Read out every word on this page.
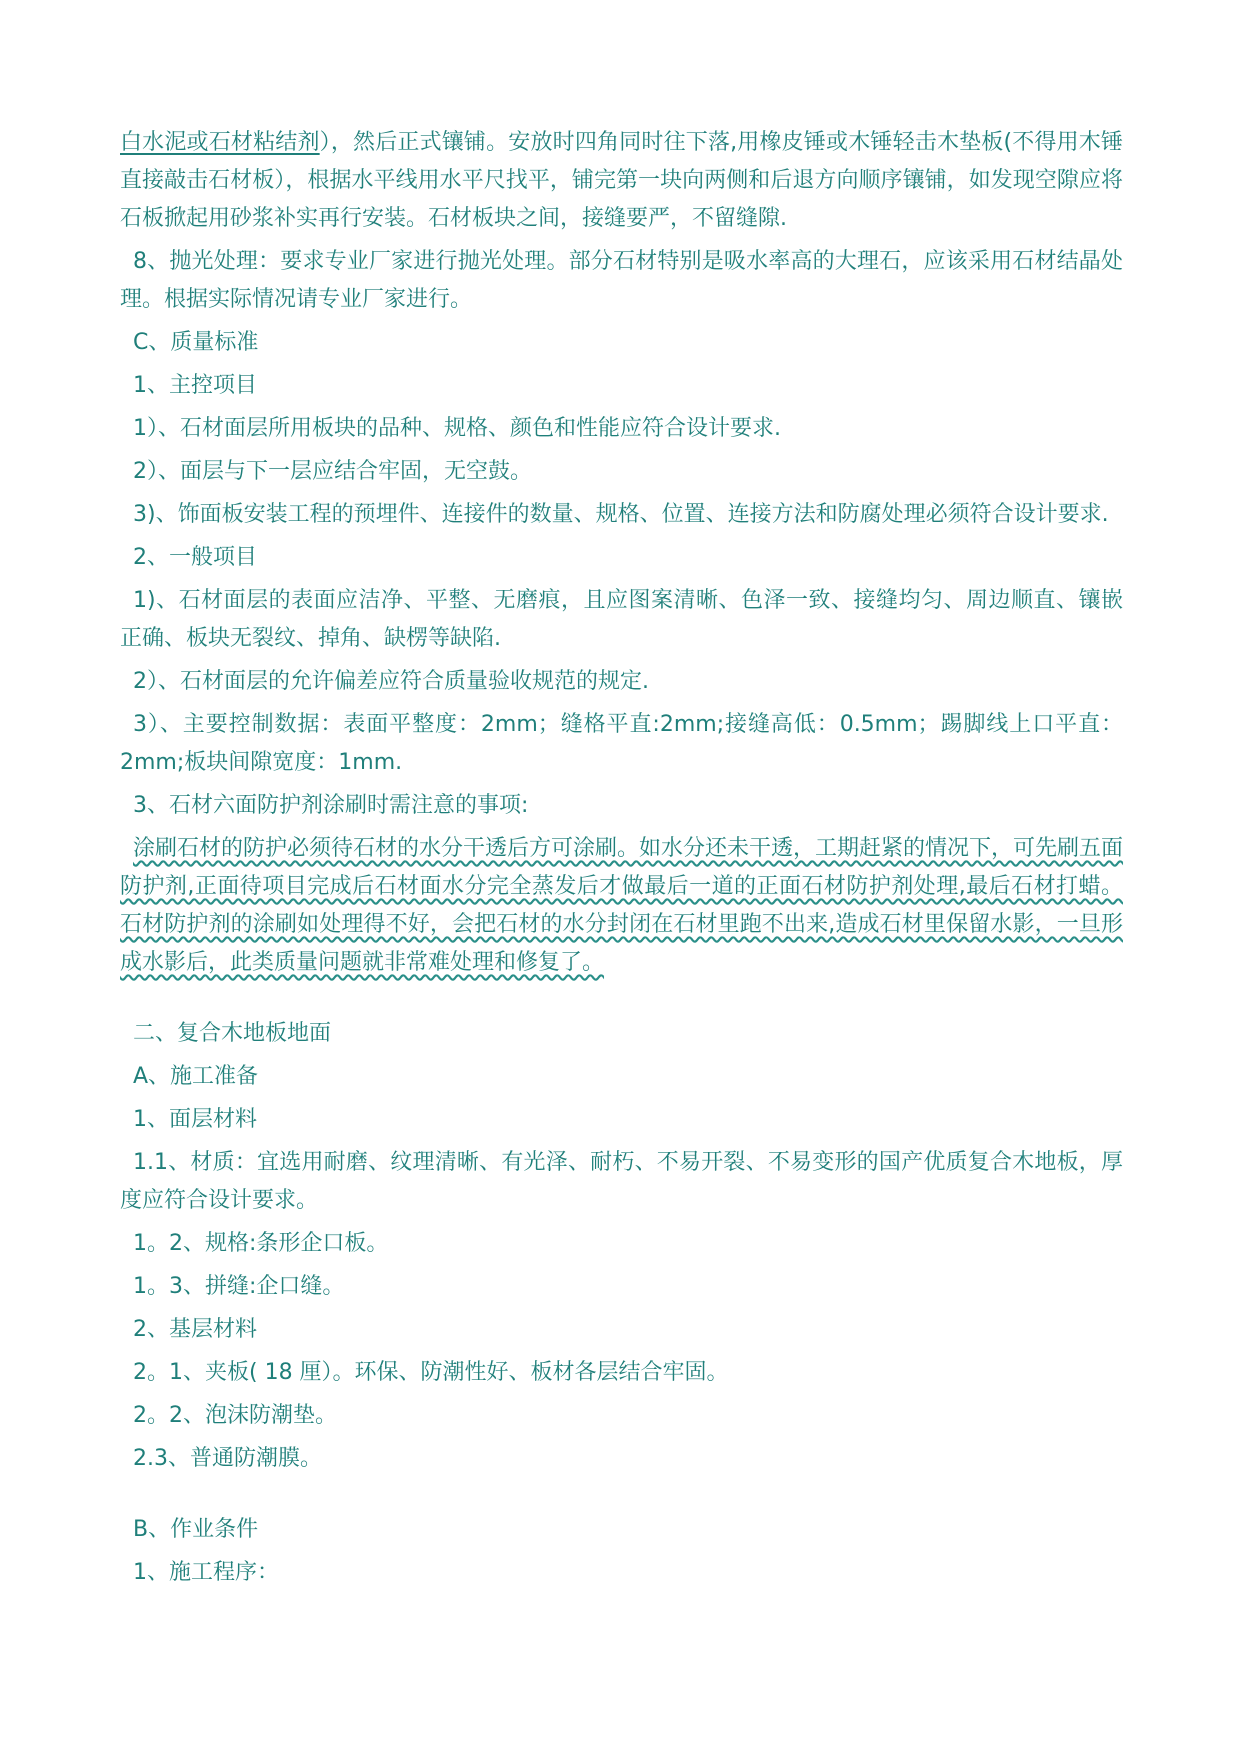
白水泥或石材粘结剂），然后正式镶铺。安放时四角同时往下落,用橡皮锤或木锤轻击木垫板(不得用木锤直接敲击石材板），根据水平线用水平尺找平，铺完第一块向两侧和后退方向顺序镶铺，如发现空隙应将石板掀起用砂浆补实再行安装。石材板块之间，接缝要严，不留缝隙.

8、抛光处理：要求专业厂家进行抛光处理。部分石材特别是吸水率高的大理石，应该采用石材结晶处理。根据实际情况请专业厂家进行。

C、质量标准

1、主控项目

1）、石材面层所用板块的品种、规格、颜色和性能应符合设计要求.

2）、面层与下一层应结合牢固，无空鼓。

3)、饰面板安装工程的预埋件、连接件的数量、规格、位置、连接方法和防腐处理必须符合设计要求.

2、一般项目

1)、石材面层的表面应洁净、平整、无磨痕，且应图案清晰、色泽一致、接缝均匀、周边顺直、镶嵌正确、板块无裂纹、掉角、缺楞等缺陷.

2）、石材面层的允许偏差应符合质量验收规范的规定.

3）、主要控制数据：表面平整度：2mm；缝格平直:2mm;接缝高低：0.5mm；踢脚线上口平直：2mm;板块间隙宽度：1mm.

3、石材六面防护剂涂刷时需注意的事项:

涂刷石材的防护必须待石材的水分干透后方可涂刷。如水分还未干透，工期赶紧的情况下，可先刷五面防护剂,正面待项目完成后石材面水分完全蒸发后才做最后一道的正面石材防护剂处理,最后石材打蜡。石材防护剂的涂刷如处理得不好，会把石材的水分封闭在石材里跑不出来,造成石材里保留水影，一旦形成水影后，此类质量问题就非常难处理和修复了。

二、复合木地板地面

A、施工准备

1、面层材料

1.1、材质：宜选用耐磨、纹理清晰、有光泽、耐朽、不易开裂、不易变形的国产优质复合木地板，厚度应符合设计要求。

1。2、规格:条形企口板。

1。3、拼缝:企口缝。

2、基层材料

2。1、夹板( 18 厘）。环保、防潮性好、板材各层结合牢固。

2。2、泡沫防潮垫。

2.3、普通防潮膜。

B、作业条件

1、施工程序：
